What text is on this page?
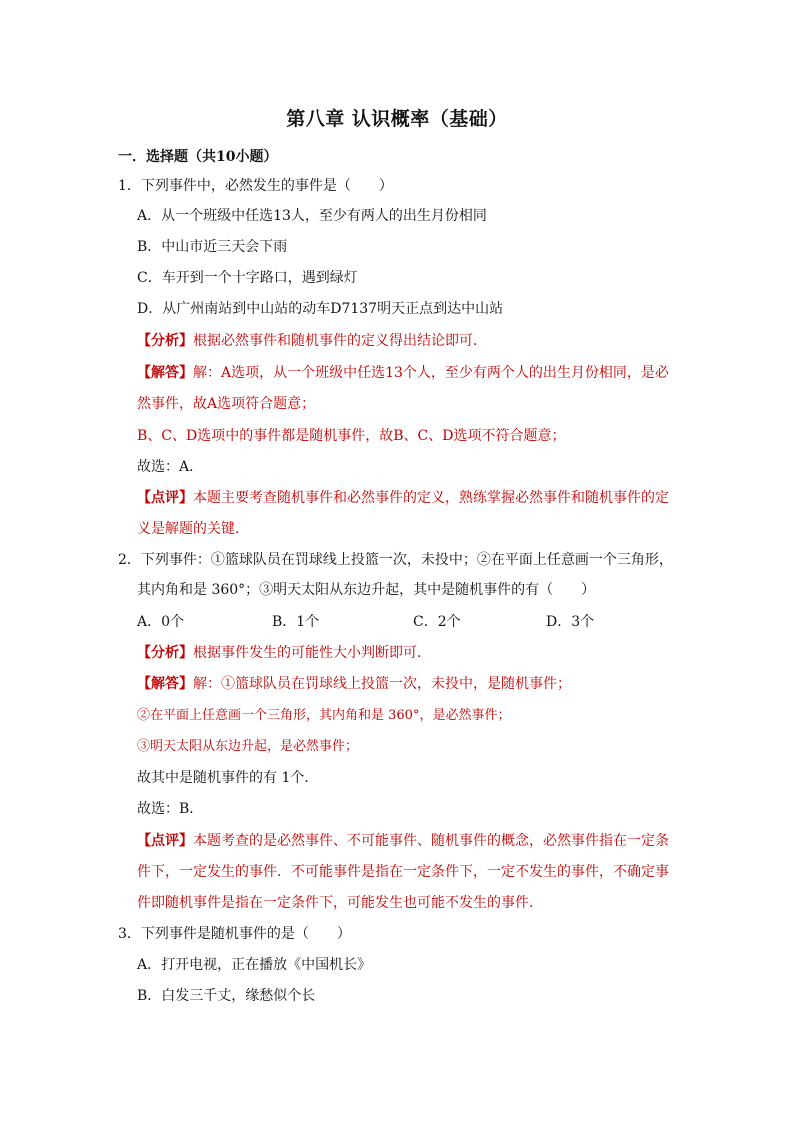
第八章 认识概率（基础）
一．选择题（共10小题）
1．下列事件中，必然发生的事件是（　　）
A．从一个班级中任选13人，至少有两人的出生月份相同
B．中山市近三天会下雨
C．车开到一个十字路口，遇到绿灯
D．从广州南站到中山站的动车D7137明天正点到达中山站
【分析】根据必然事件和随机事件的定义得出结论即可．
【解答】解：A选项，从一个班级中任选13个人，至少有两个人的出生月份相同，是必
然事件，故A选项符合题意；
B、C、D选项中的事件都是随机事件，故B、C、D选项不符合题意；
故选：A．
【点评】本题主要考查随机事件和必然事件的定义，熟练掌握必然事件和随机事件的定
义是解题的关键．
2．下列事件：①篮球队员在罚球线上投篮一次，未投中；②在平面上任意画一个三角形，
其内角和是 360°；③明天太阳从东边升起，其中是随机事件的有（　　）
A．0个	B．1个	C．2个	D．3个
【分析】根据事件发生的可能性大小判断即可．
【解答】解：①篮球队员在罚球线上投篮一次，未投中，是随机事件；
②在平面上任意画一个三角形，其内角和是 360°，是必然事件；
③明天太阳从东边升起，是必然事件；
故其中是随机事件的有 1个．
故选：B．
【点评】本题考查的是必然事件、不可能事件、随机事件的概念，必然事件指在一定条
件下，一定发生的事件．不可能事件是指在一定条件下，一定不发生的事件，不确定事
件即随机事件是指在一定条件下，可能发生也可能不发生的事件．
3．下列事件是随机事件的是（　　）
A．打开电视，正在播放《中国机长》
B．白发三千丈，缘愁似个长
